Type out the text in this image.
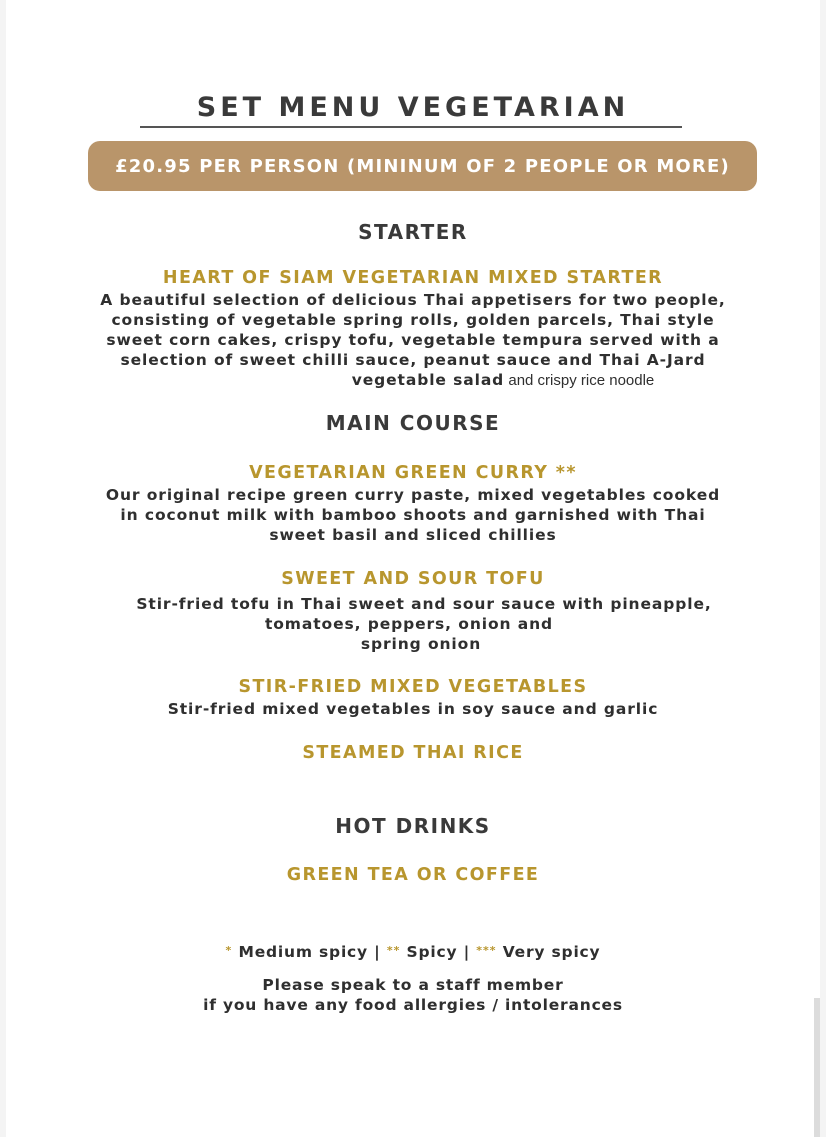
SET MENU VEGETARIAN
£20.95 PER PERSON (MININUM OF 2 PEOPLE OR MORE)
STARTER
HEART OF SIAM VEGETARIAN MIXED STARTER

A beautiful selection of delicious Thai appetisers for two people,
consisting of vegetable spring rolls, golden parcels, Thai style
sweet corn cakes, crispy tofu, vegetable tempura served with a
selection of sweet chilli sauce, peanut sauce and Thai A-Jard
vegetable salad and crispy rice noodle

MAIN COURSE
VEGETARIAN GREEN CURRY **

Our original recipe green curry paste, mixed vegetables cooked
in coconut milk with bamboo shoots and garnished with Thai
sweet basil and sliced chillies

SWEET AND SOUR TOFU

Stir-fried tofu in Thai sweet and sour sauce with pineapple,
tomatoes, peppers, onion and
spring onion

STIR-FRIED MIXED VEGETABLES

Stir-fried mixed vegetables in soy sauce and garlic

STEAMED THAI RICE
HOT DRINKS
GREEN TEA OR COFFEE

* Medium spicy | ** Spicy | *** Very spicy

Please speak to a staff member
if you have any food allergies / intolerances
